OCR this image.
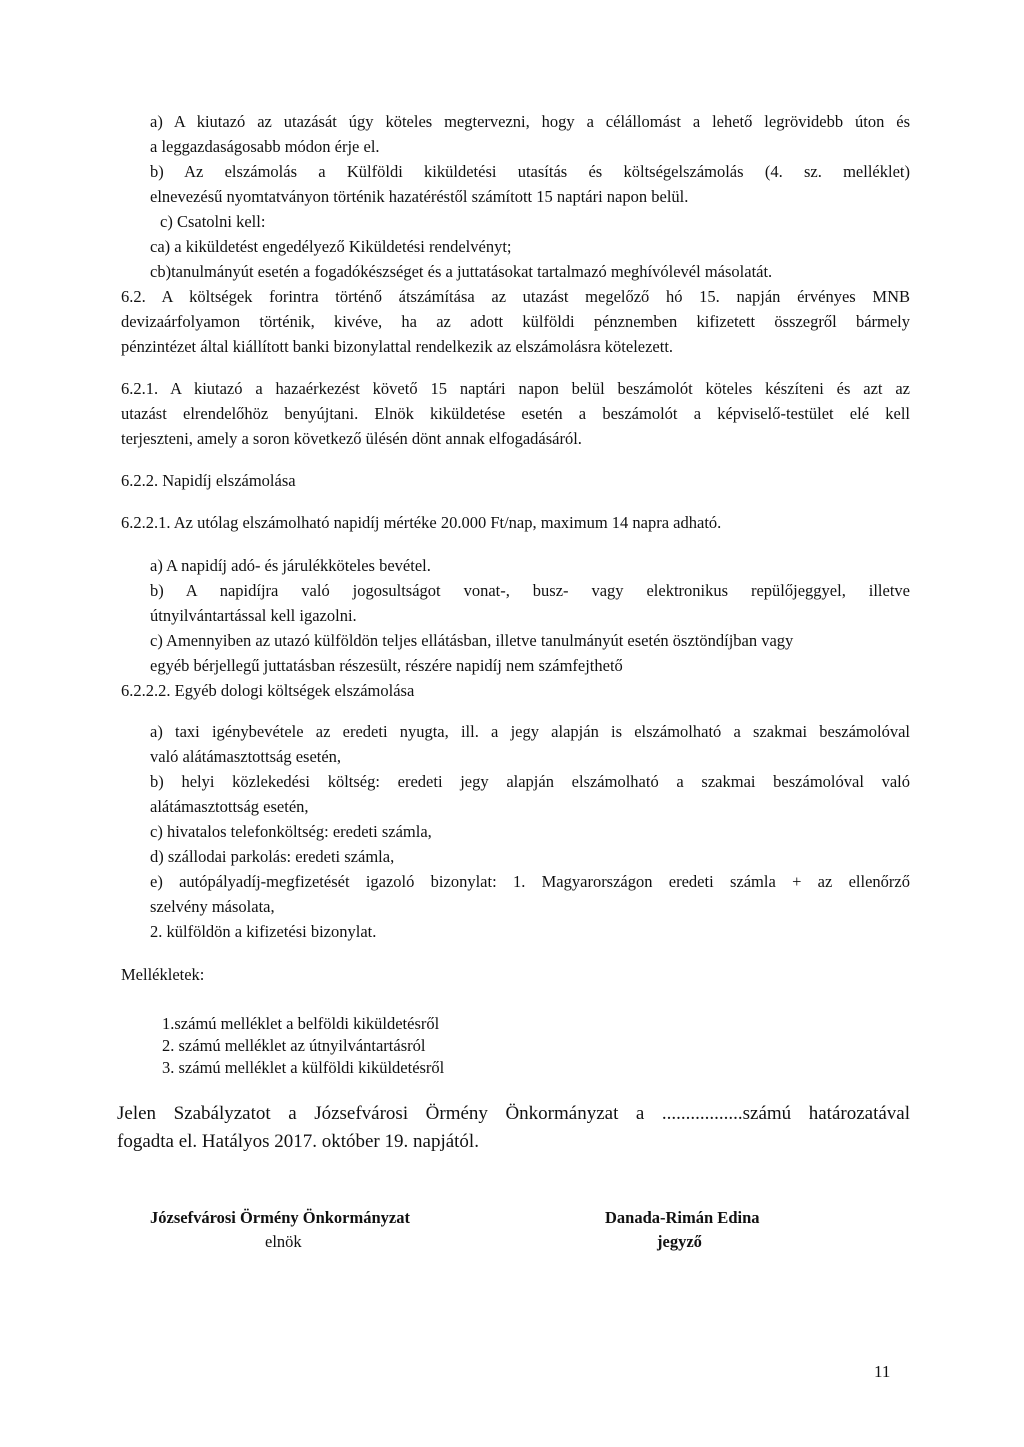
a) A kiutazó az utazását úgy köteles megtervezni, hogy a célállomást a lehető legrövidebb úton és
a leggazdaságosabb módon érje el.
b) Az elszámolás a Külföldi kiküldetési utasítás és költségelszámolás (4. sz. melléklet)
elnevezésű nyomtatványon történik hazatéréstől számított 15 naptári napon belül.
c) Csatolni kell:
ca) a kiküldetést engedélyező Kiküldetési rendelvényt;
cb)tanulmányút esetén a fogadókészséget és a juttatásokat tartalmazó meghívólevél másolatát.
6.2. A költségek forintra történő átszámítása az utazást megelőző hó 15. napján érvényes MNB
devizaárfolyamon történik, kivéve, ha az adott külföldi pénznemben kifizetett összegről bármely
pénzintézet által kiállított banki bizonylattal rendelkezik az elszámolásra kötelezett.
6.2.1. A kiutazó a hazaérkezést követő 15 naptári napon belül beszámolót köteles készíteni és azt az
utazást elrendelőhöz benyújtani. Elnök kiküldetése esetén a beszámolót a képviselő-testület elé kell
terjeszteni, amely a soron következő ülésén dönt annak elfogadásáról.
6.2.2. Napidíj elszámolása
6.2.2.1. Az utólag elszámolható napidíj mértéke 20.000 Ft/nap, maximum 14 napra adható.
a) A napidíj adó- és járulékköteles bevétel.
b) A napidíjra való jogosultságot vonat-, busz- vagy elektronikus repülőjeggyel, illetve
útnyilvántartással kell igazolni.
c) Amennyiben az utazó külföldön teljes ellátásban, illetve tanulmányút esetén ösztöndíjban vagy
egyéb bérjellegű juttatásban részesült, részére napidíj nem számfejthető
6.2.2.2. Egyéb dologi költségek elszámolása
a) taxi igénybevétele az eredeti nyugta, ill. a jegy alapján is elszámolható a szakmai beszámolóval
való alátámasztottság esetén,
b) helyi közlekedési költség: eredeti jegy alapján elszámolható a szakmai beszámolóval való
alátámasztottság esetén,
c) hivatalos telefonköltség: eredeti számla,
d) szállodai parkolás: eredeti számla,
e) autópályadíj-megfizetését igazoló bizonylat: 1. Magyarországon eredeti számla + az ellenőrző
szelvény másolata,
2. külföldön a kifizetési bizonylat.
Mellékletek:
1.számú melléklet a belföldi kiküldetésről
2. számú melléklet az útnyilvántartásról
3. számú melléklet a külföldi kiküldetésről
Jelen Szabályzatot a Józsefvárosi Örmény Önkormányzat a .................számú határozatával
fogadta el. Hatályos 2017. október 19. napjától.
Józsefvárosi Örmény Önkormányzat
elnök
Danada-Rimán Edina
jegyző
11
